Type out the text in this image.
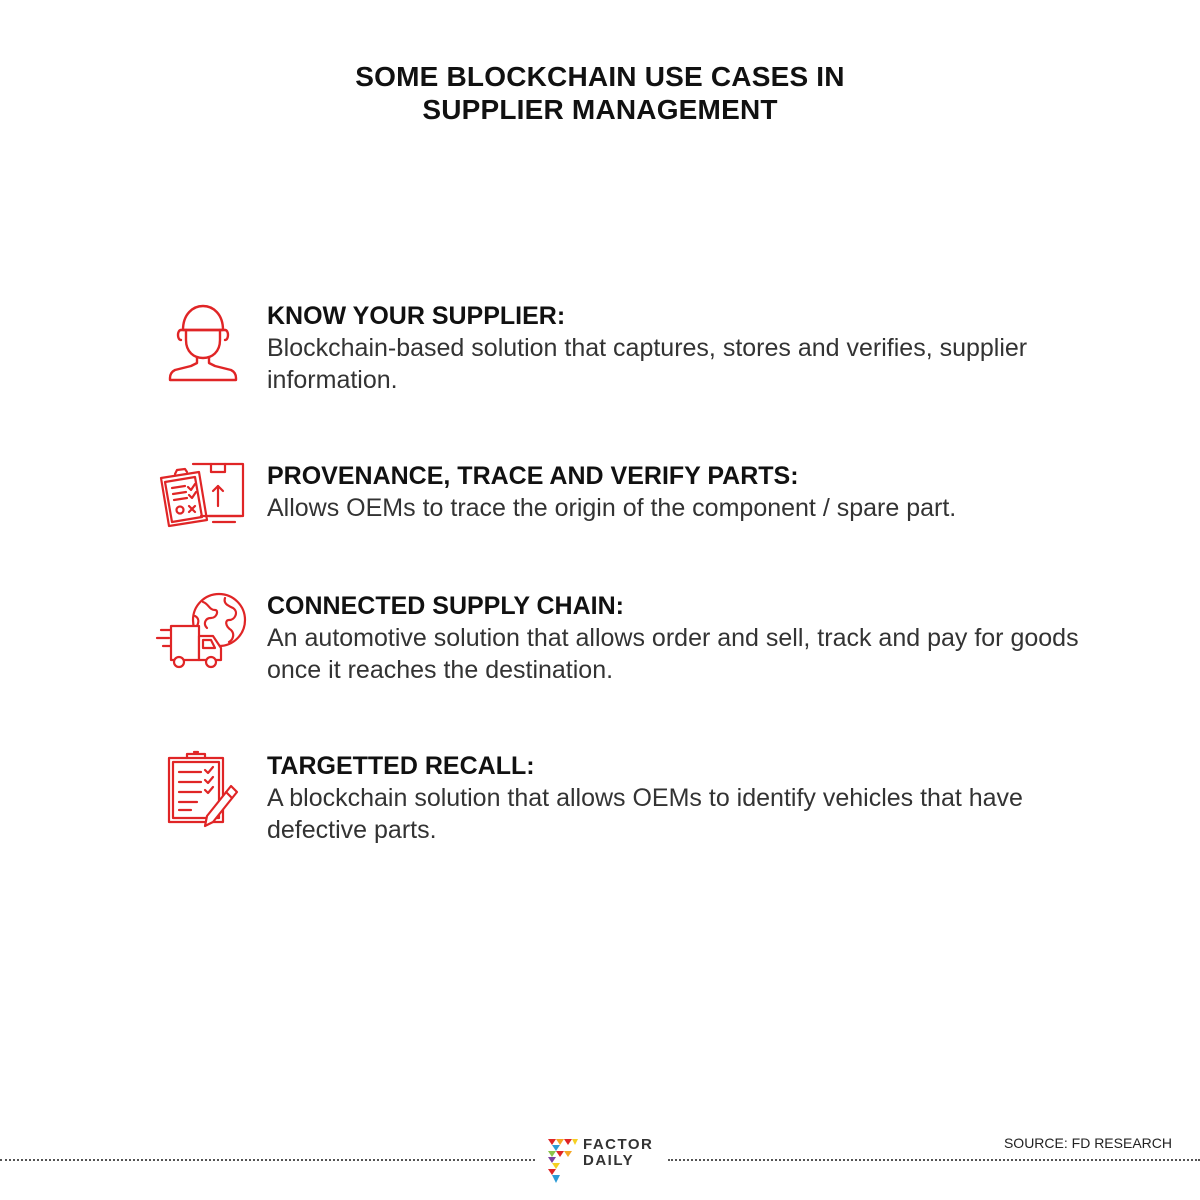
SOME BLOCKCHAIN USE CASES IN
SUPPLIER MANAGEMENT
KNOW YOUR SUPPLIER:

Blockchain-based solution that captures, stores and verifies, supplier information.

PROVENANCE, TRACE AND VERIFY PARTS:

Allows OEMs to trace the origin of the component / spare part.

CONNECTED SUPPLY CHAIN:

An automotive solution that allows order and sell, track and pay for goods once it reaches the destination.

TARGETTED RECALL:

A blockchain solution that allows OEMs to identify vehicles that have defective parts.

FACTOR
DAILY
SOURCE: FD RESEARCH
